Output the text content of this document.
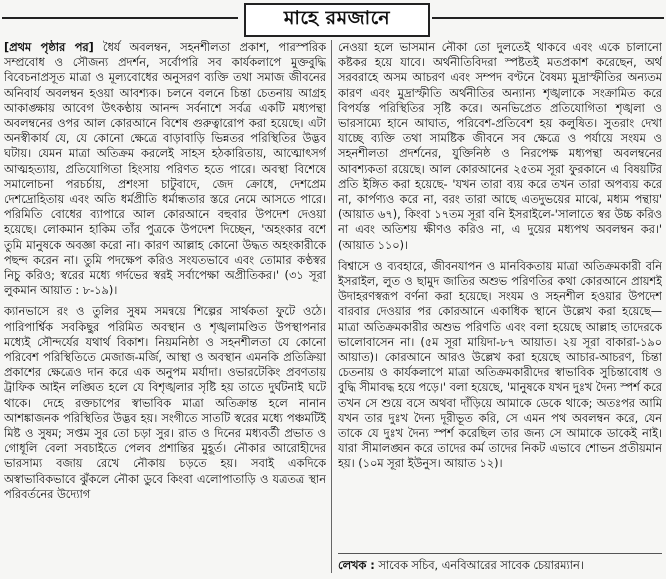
মাহে রমজানে

[প্রথম পৃষ্ঠার পর] ধৈর্য অবলম্বন, সহনশীলতা প্রকাশ, পারস্পরিক সম্প্রবোধ ও সৌজন্য প্রদর্শন, সর্বোপরি সব কার্যকলাপে মুক্তবুদ্ধি বিবেচনাপ্রসূত মাত্রা ও মূল্যবোধের অনুসরণ ব্যক্তি তথা সমাজ জীবনের অনিবার্য অবলম্বন হওয়া আবশ্যক। চলনে বলনে চিন্তা চেতনায় আগ্রহ আকাঙ্ক্ষায় আবেগ উৎকণ্ঠায় আনন্দ সর্বনাশে সর্বত্র একটি মধ্যপন্থা অবলম্বনের ওপর আল কোরআনে বিশেষ গুরুত্বারোপ করা হয়েছে। এটা অনস্বীকার্য যে, যে কোনো ক্ষেত্রে বাড়াবাড়ি ভিন্নতর পরিস্থিতির উদ্ভব ঘটায়। যেমন মাত্রা অতিক্রম করলেই সাহস হঠকারিতায়, আত্মোৎসর্গ আত্মহত্যায়, প্রতিযোগিতা হিংসায় পরিণত হতে পারে। অবস্থা বিশেষে সমালোচনা পরচর্চায়, প্রশংসা চাটুবাদে, জেদ ক্রোধে, দেশপ্রেম দেশদ্রোহিতায় এবং অতি ধর্মপ্রীতি ধর্মান্ধতার স্তরে নেমে আসতে পারে। পরিমিতি বোধের ব্যাপারে আল কোরআনে বহুবার উপদেশ দেওয়া হয়েছে। লোকমান হাকিম তাঁর পুত্রকে উপদেশ দিচ্ছেন, 'অহংকার বশে তুমি মানুষকে অবজ্ঞা করো না। কারণ আল্লাহ কোনো উদ্ধত অহংকারীকে পছন্দ করেন না। তুমি পদক্ষেপ করিও সংযতভাবে এবং তোমার কণ্ঠস্বর নিচু করিও; স্বরের মধ্যে গর্দভের স্বরই সর্বাপেক্ষা অপ্রীতিকর।' (৩১ সূরা লুকমান আয়াত : ৮-১৯)।

ক্যানভাসে রং ও তুলির সুষম সমন্বয়ে শিল্পের সার্থকতা ফুটে ওঠে। পারিপার্শ্বিক সবকিছুর পরিমিত অবস্থান ও শৃঙ্খলামণ্ডিত উপস্থাপনার মধ্যেই সৌন্দর্যের যথার্থ বিকাশ। নিয়মনিষ্ঠা ও সহনশীলতা যে কোনো পরিবেশ পরিস্থিতিতে মেজাজ-মর্জি, আস্থা ও অবস্থান এমনকি প্রতিক্রিয়া প্রকাশের ক্ষেত্রেও দান করে এক অনুপম মর্যাদা। ওভারটেকিং প্রবণতায় ট্রাফিক আইন লঙ্ঘিত হলে যে বিশৃঙ্খলার সৃষ্টি হয় তাতে দুর্ঘটনাই ঘটে থাকে। দেহে রক্তচাপের স্বাভাবিক মাত্রা অতিক্রান্ত হলে নানান আশঙ্কাজনক পরিস্থিতির উদ্ভব হয়। সংগীতে সাতটি স্বরের মধ্যে পঞ্চমটিই মিষ্ট ও সুষম; সপ্তম সুর তো চড়া সুর। রাত ও দিনের মধ্যবর্তী প্রভাত ও গোধূলি বেলা সবচাইতে পেলব প্রশান্তির মুহূর্ত। নৌকার আরোহীদের ভারসাম্য বজায় রেখে নৌকায় চড়তে হয়। সবাই একদিকে অস্বাভাবিকভাবে ঝুঁকলে নৌকা ডুবে কিংবা এলোপাতাড়ি ও যত্রতত্র স্থান পরিবর্তনের উদ্যোগ

নেওয়া হলে ভাসমান নৌকা তো দুলতেই থাকবে এবং একে চালানো কষ্টকর হয়ে যাবে। অর্থনীতিবিদরা স্পষ্টতই মতপ্রকাশ করেছেন, অর্থ সরবরাহে অসম আচরণ এবং সম্পদ বণ্টনে বৈষম্য মুদ্রাস্ফীতির অন্যতম কারণ এবং মুদ্রাস্ফীতি অর্থনীতির অন্যান্য শৃঙ্খলাকে সংক্রামিত করে বিপর্যস্ত পরিস্থিতির সৃষ্টি করে। অনভিপ্রেত প্রতিযোগিতা শৃঙ্খলা ও ভারসাম্যে হানে আঘাত, পরিবেশ-প্রতিবেশ হয় কলুষিত। সুতরাং দেখা যাচ্ছে ব্যক্তি তথা সামষ্টিক জীবনে সব ক্ষেত্রে ও পর্যায়ে সংযম ও সহনশীলতা প্রদর্শনের, যুক্তিনিষ্ঠ ও নিরপেক্ষ মধ্যপন্থা অবলম্বনের আবশ্যকতা রয়েছে। আল কোরআনের ২৫তম সূরা ফুরকানে এ বিষয়টির প্রতি ইঙ্গিত করা হয়েছে- 'যখন তারা ব্যয় করে তখন তারা অপব্যয় করে না, কার্পণ্যও করে না, বরং তারা আছে এতদুভয়ের মাঝে, মধ্যম পন্থায়' (আয়াত ৬৭), কিংবা ১৭তম সূরা বনি ইসরাইলে-'সালাতে স্বর উচ্চ করিও না এবং অতিশয় ক্ষীণও করিও না, এ দুয়ের মধ্যপথ অবলম্বন কর।' (আয়াত ১১০)।

বিশ্বাসে ও ব্যবহারে, জীবনযাপন ও মানবিকতায় মাত্রা অতিক্রমকারী বনি ইসরাইল, লুত ও ছামুদ জাতির অশুভ পরিণতির কথা কোরআনে প্রায়শই উদাহরণস্বরূপ বর্ণনা করা হয়েছে। সংযম ও সহনশীল হওয়ার উপদেশ বারবার দেওয়ার পর কোরআনে একাধিক স্থানে উল্লেখ করা হয়েছে— মাত্রা অতিক্রমকারীর অশুভ পরিণতি এবং বলা হয়েছে আল্লাহ তাদেরকে ভালোবাসেন না। (৫ম সূরা মায়িদা-৮৭ আয়াত। ২য় সূরা বাকারা-১৯০ আয়াত)। কোরআনে আরও উল্লেখ করা হয়েছে আচার-আচরণ, চিন্তা চেতনায় ও কার্যকলাপে মাত্রা অতিক্রমকারীদের স্বাভাবিক সুচিন্তাবোধ ও বুদ্ধি সীমাবদ্ধ হয়ে পড়ে।' বলা হয়েছে, 'মানুষকে যখন দুঃখ দৈন্য স্পর্শ করে তখন সে শুয়ে বসে অথবা দাঁড়িয়ে আমাকে ডেকে থাকে; অতঃপর আমি যখন তার দুঃখ দৈন্য দূরীভূত করি, সে এমন পথ অবলম্বন করে, যেন তাকে যে দুঃখ দৈন্য স্পর্শ করেছিল তার জন্য সে আমাকে ডাকেই নাই। যারা সীমালঙ্ঘন করে তাদের কর্ম তাদের নিকট এভাবে শোভন প্রতীয়মান হয়। (১০ম সূরা ইউনুস। আয়াত ১২)।

লেখক : সাবেক সচিব, এনবিআরের সাবেক চেয়ারম্যান।
